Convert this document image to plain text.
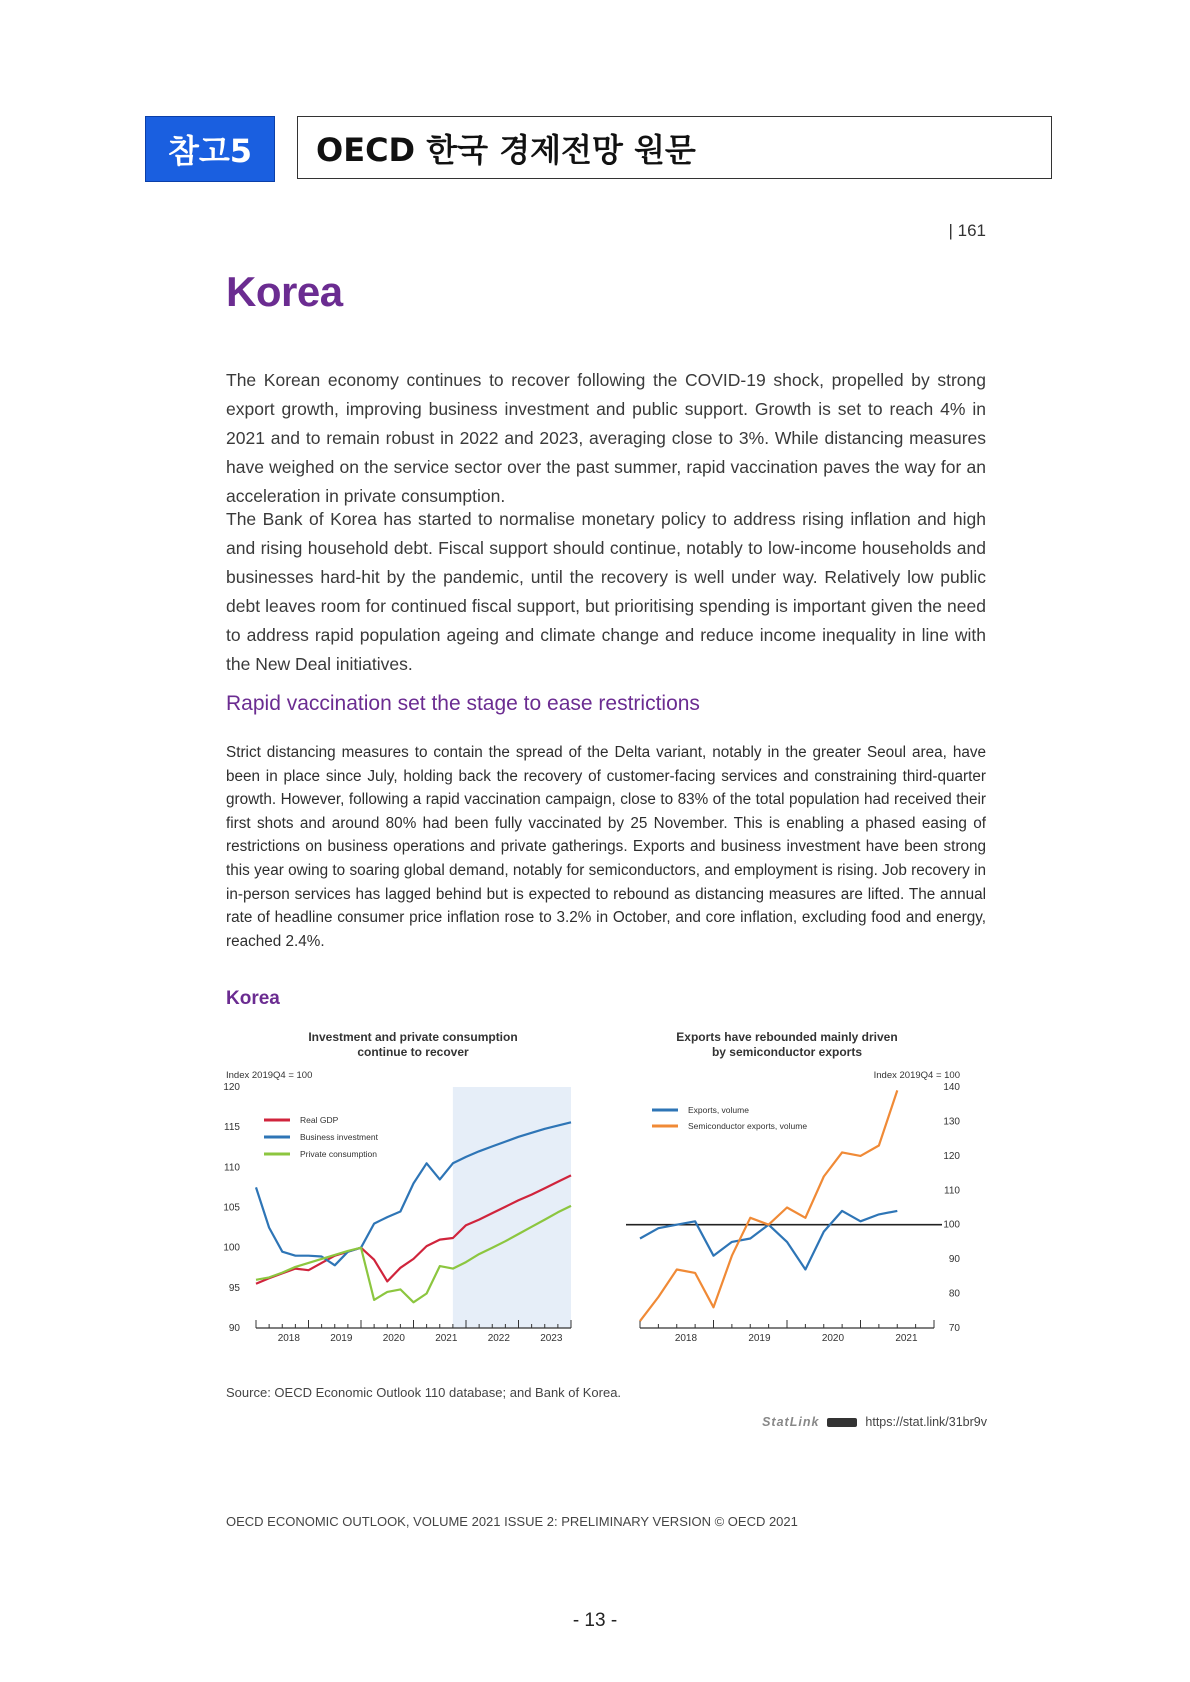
참고5	OECD 한국 경제전망 원문
| 161
Korea

The Korean economy continues to recover following the COVID-19 shock, propelled by strong export growth, improving business investment and public support. Growth is set to reach 4% in 2021 and to remain robust in 2022 and 2023, averaging close to 3%. While distancing measures have weighed on the service sector over the past summer, rapid vaccination paves the way for an acceleration in private consumption.

The Bank of Korea has started to normalise monetary policy to address rising inflation and high and rising household debt. Fiscal support should continue, notably to low-income households and businesses hard-hit by the pandemic, until the recovery is well under way. Relatively low public debt leaves room for continued fiscal support, but prioritising spending is important given the need to address rapid population ageing and climate change and reduce income inequality in line with the New Deal initiatives.

Rapid vaccination set the stage to ease restrictions

Strict distancing measures to contain the spread of the Delta variant, notably in the greater Seoul area, have been in place since July, holding back the recovery of customer-facing services and constraining third-quarter growth. However, following a rapid vaccination campaign, close to 83% of the total population had received their first shots and around 80% had been fully vaccinated by 25 November. This is enabling a phased easing of restrictions on business operations and private gatherings. Exports and business investment have been strong this year owing to soaring global demand, notably for semiconductors, and employment is rising. Job recovery in in-person services has lagged behind but is expected to rebound as distancing measures are lifted. The annual rate of headline consumer price inflation rose to 3.2% in October, and core inflation, excluding food and energy, reached 2.4%.

Korea
Investment and private consumption
continue to recover
Index 2019Q4 = 100
90
95
100
105
110
115
120
2018	2019	2020	2021	2022	2023
Real GDP
Business investment
Private consumption
Exports have rebounded mainly driven
by semiconductor exports
Index 2019Q4 = 100
70
80
90
100
110
120
130
140
2018	2019	2020	2021
Exports, volume
Semiconductor exports, volume
Source: OECD Economic Outlook 110 database; and Bank of Korea.
StatLink	https://stat.link/31br9v
OECD ECONOMIC OUTLOOK, VOLUME 2021 ISSUE 2: PRELIMINARY VERSION © OECD 2021
- 13 -
